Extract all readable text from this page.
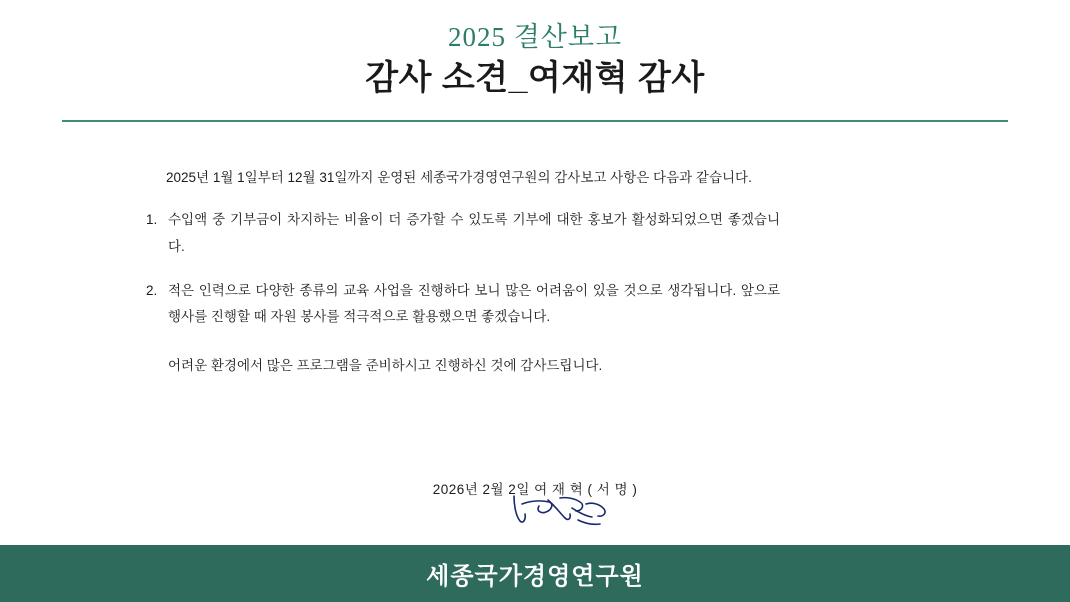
2025 결산보고
감사 소견_여재혁 감사

2025년 1월 1일부터 12월 31일까지 운영된 세종국가경영연구원의 감사보고 사항은 다음과 같습니다.

1. 수입액 중 기부금이 차지하는 비율이 더 증가할 수 있도록 기부에 대한 홍보가 활성화되었으면 좋겠습니다.
2. 적은 인력으로 다양한 종류의 교육 사업을 진행하다 보니 많은 어려움이 있을 것으로 생각됩니다. 앞으로 행사를 진행할 때 자원 봉사를 적극적으로 활용했으면 좋겠습니다.

어려운 환경에서 많은 프로그램을 준비하시고 진행하신 것에 감사드립니다.

2026년 2월 2일 여 재 혁 ( 서 명 )
세종국가경영연구원
